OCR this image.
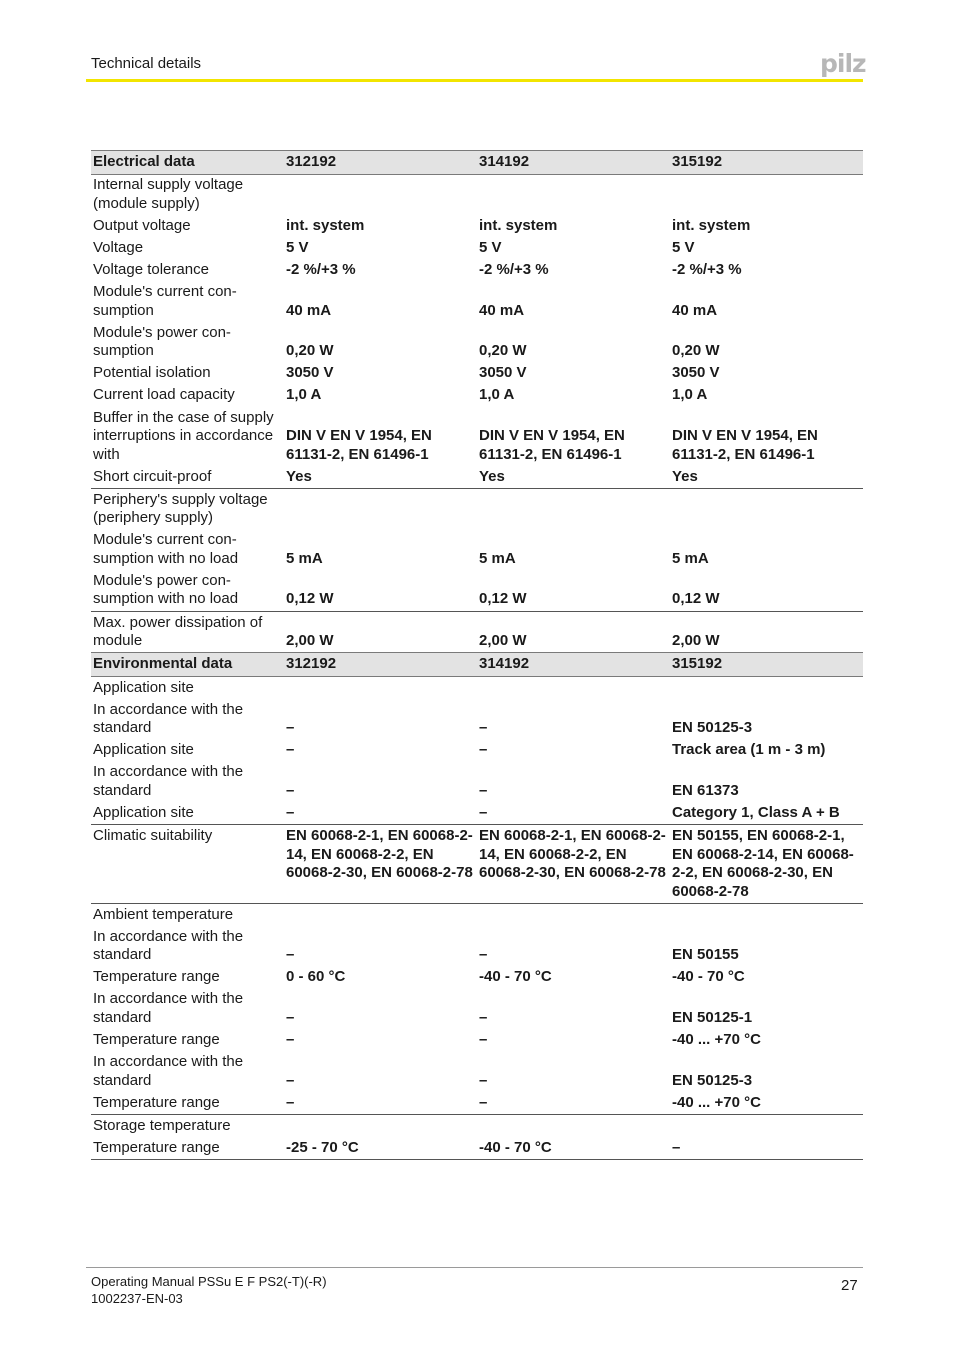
Technical details	pilz
Electrical data	312192	314192	315192
Internal supply voltage (module supply)			
Output voltage	int. system	int. system	int. system
Voltage	5 V	5 V	5 V
Voltage tolerance	-2 %/+3 %	-2 %/+3 %	-2 %/+3 %
Module's current con- sumption	40 mA	40 mA	40 mA
Module's power con- sumption	0,20 W	0,20 W	0,20 W
Potential isolation	3050 V	3050 V	3050 V
Current load capacity	1,0 A	1,0 A	1,0 A
Buffer in the case of supply interruptions in accordance with	DIN V EN V 1954, EN 61131-2, EN 61496-1	DIN V EN V 1954, EN 61131-2, EN 61496-1	DIN V EN V 1954, EN 61131-2, EN 61496-1
Short circuit-proof	Yes	Yes	Yes
Periphery's supply voltage (periphery supply)			
Module's current con- sumption with no load	5 mA	5 mA	5 mA
Module's power con- sumption with no load	0,12 W	0,12 W	0,12 W
Max. power dissipation of module	2,00 W	2,00 W	2,00 W
Environmental data	312192	314192	315192
Application site			
In accordance with the standard	–	–	EN 50125-3
Application site	–	–	Track area (1 m - 3 m)
In accordance with the standard	–	–	EN 61373
Application site	–	–	Category 1, Class A + B
Climatic suitability	EN 60068-2-1, EN 60068-2-14, EN 60068-2-2, EN 60068-2-30, EN 60068-2-78	EN 60068-2-1, EN 60068-2-14, EN 60068-2-2, EN 60068-2-30, EN 60068-2-78	EN 50155, EN 60068-2-1, EN 60068-2-14, EN 60068-2-2, EN 60068-2-30, EN 60068-2-78
Ambient temperature			
In accordance with the standard	–	–	EN 50155
Temperature range	0 - 60 °C	-40 - 70 °C	-40 - 70 °C
In accordance with the standard	–	–	EN 50125-1
Temperature range	–	–	-40 ... +70 °C
In accordance with the standard	–	–	EN 50125-3
Temperature range	–	–	-40 ... +70 °C
Storage temperature			
Temperature range	-25 - 70 °C	-40 - 70 °C	–
Operating Manual PSSu E F PS2(-T)(-R)
1002237-EN-03
27
